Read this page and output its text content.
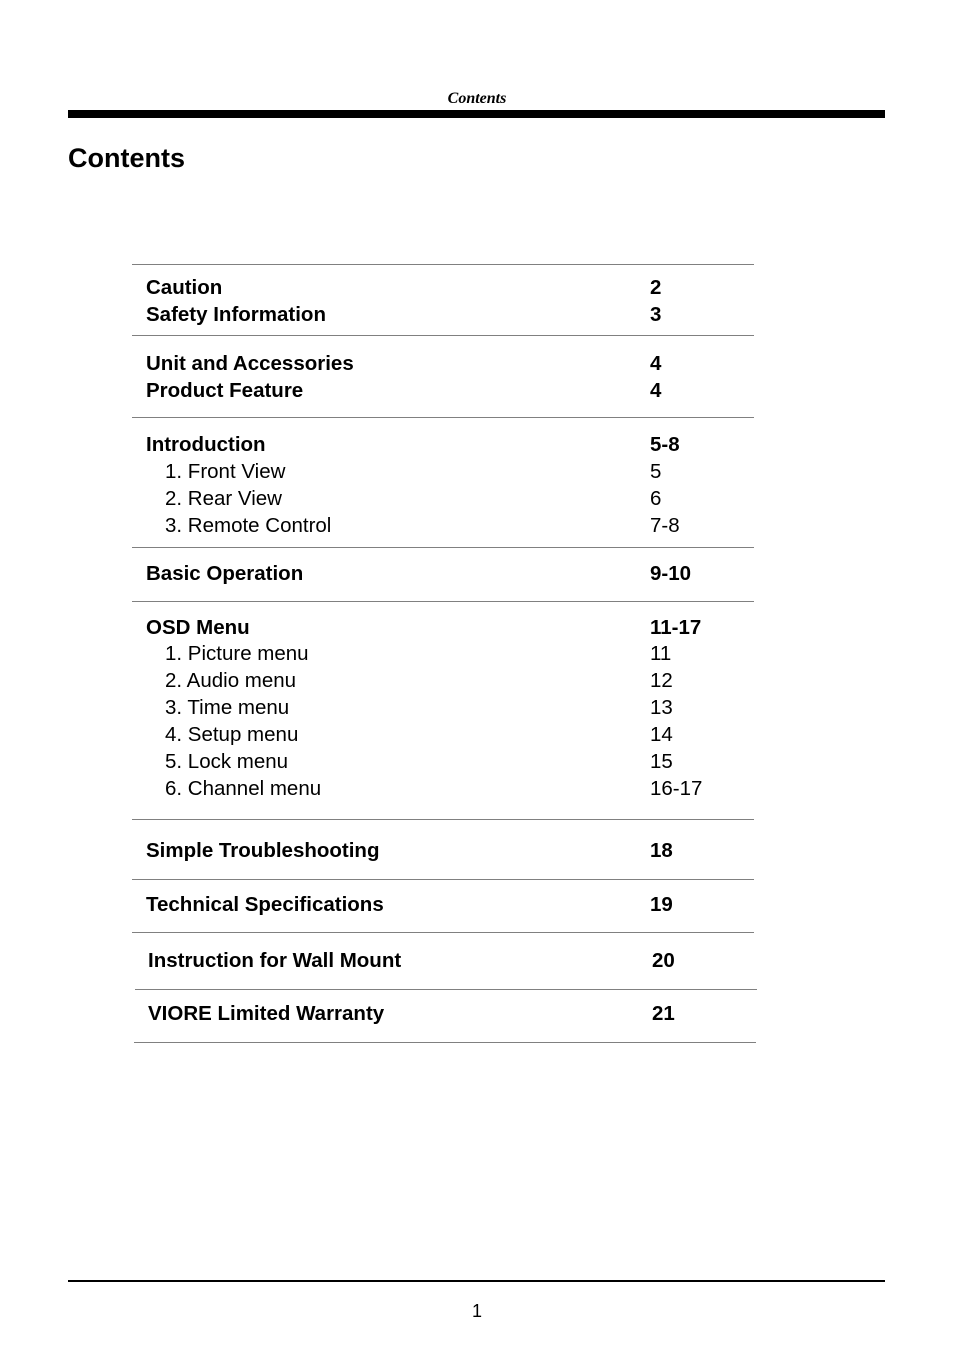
Contents
Contents
Caution	2
Safety Information	3
Unit and Accessories	4
Product Feature	4
Introduction	5-8
1. Front View	5
2. Rear View	6
3. Remote Control	7-8
Basic Operation	9-10
OSD Menu	11-17
1. Picture menu	11
2. Audio menu	12
3. Time menu	13
4. Setup menu	14
5. Lock menu	15
6. Channel menu	16-17
Simple Troubleshooting	18
Technical Specifications	19
Instruction for Wall Mount	20
VIORE Limited Warranty	21
1
